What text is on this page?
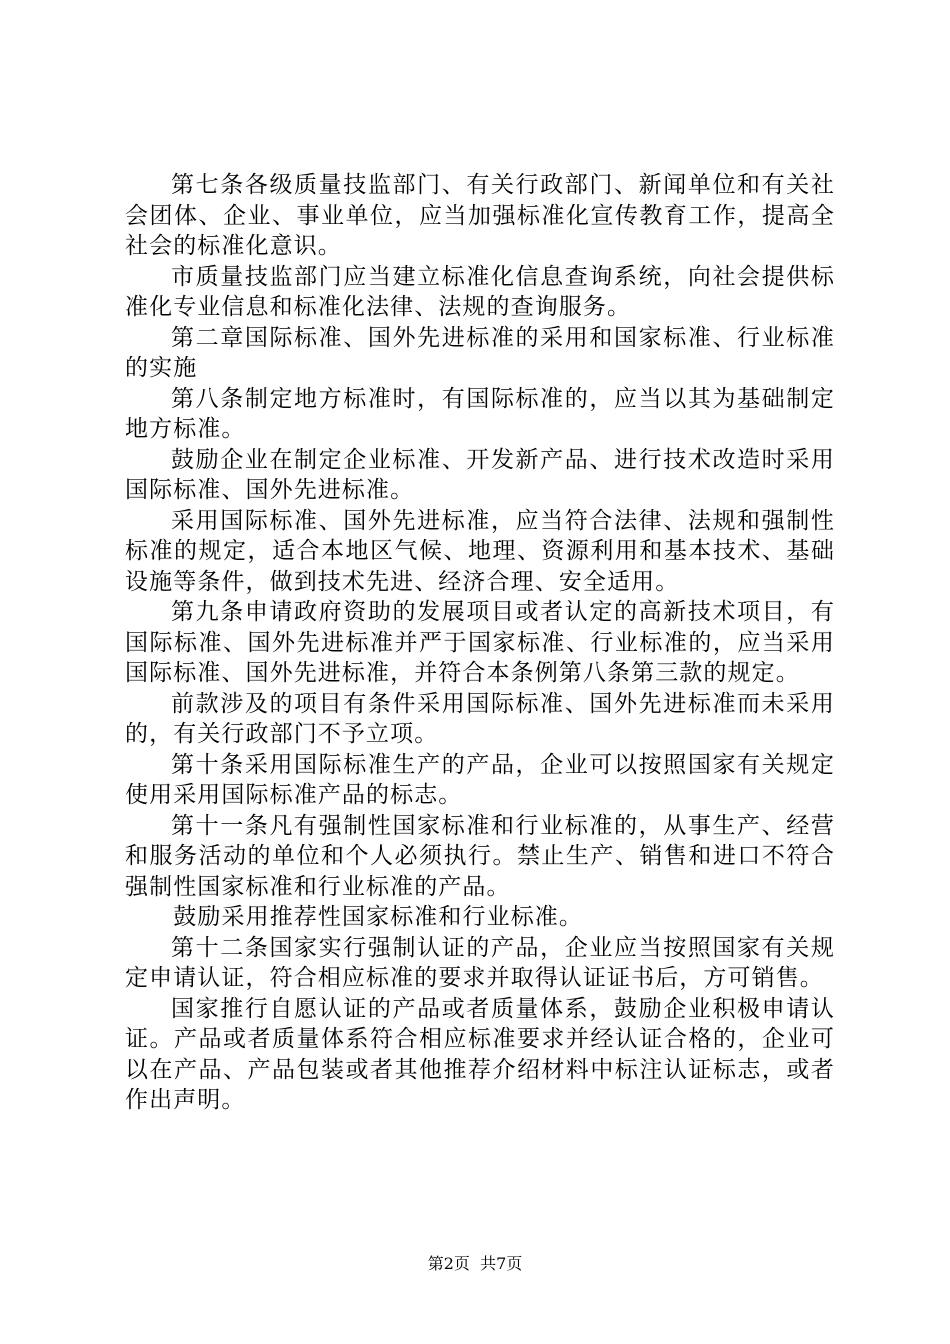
第七条各级质量技监部门、有关行政部门、新闻单位和有关社会团体、企业、事业单位，应当加强标准化宣传教育工作，提高全社会的标准化意识。

市质量技监部门应当建立标准化信息查询系统，向社会提供标准化专业信息和标准化法律、法规的查询服务。

第二章国际标准、国外先进标准的采用和国家标准、行业标准的实施

第八条制定地方标准时，有国际标准的，应当以其为基础制定地方标准。

鼓励企业在制定企业标准、开发新产品、进行技术改造时采用国际标准、国外先进标准。

采用国际标准、国外先进标准，应当符合法律、法规和强制性标准的规定，适合本地区气候、地理、资源利用和基本技术、基础设施等条件，做到技术先进、经济合理、安全适用。

第九条申请政府资助的发展项目或者认定的高新技术项目，有国际标准、国外先进标准并严于国家标准、行业标准的，应当采用国际标准、国外先进标准，并符合本条例第八条第三款的规定。

前款涉及的项目有条件采用国际标准、国外先进标准而未采用的，有关行政部门不予立项。

第十条采用国际标准生产的产品，企业可以按照国家有关规定使用采用国际标准产品的标志。

第十一条凡有强制性国家标准和行业标准的，从事生产、经营和服务活动的单位和个人必须执行。禁止生产、销售和进口不符合强制性国家标准和行业标准的产品。

鼓励采用推荐性国家标准和行业标准。

第十二条国家实行强制认证的产品，企业应当按照国家有关规定申请认证，符合相应标准的要求并取得认证证书后，方可销售。

国家推行自愿认证的产品或者质量体系，鼓励企业积极申请认证。产品或者质量体系符合相应标准要求并经认证合格的，企业可以在产品、产品包装或者其他推荐介绍材料中标注认证标志，或者作出声明。

第2页  共7页
